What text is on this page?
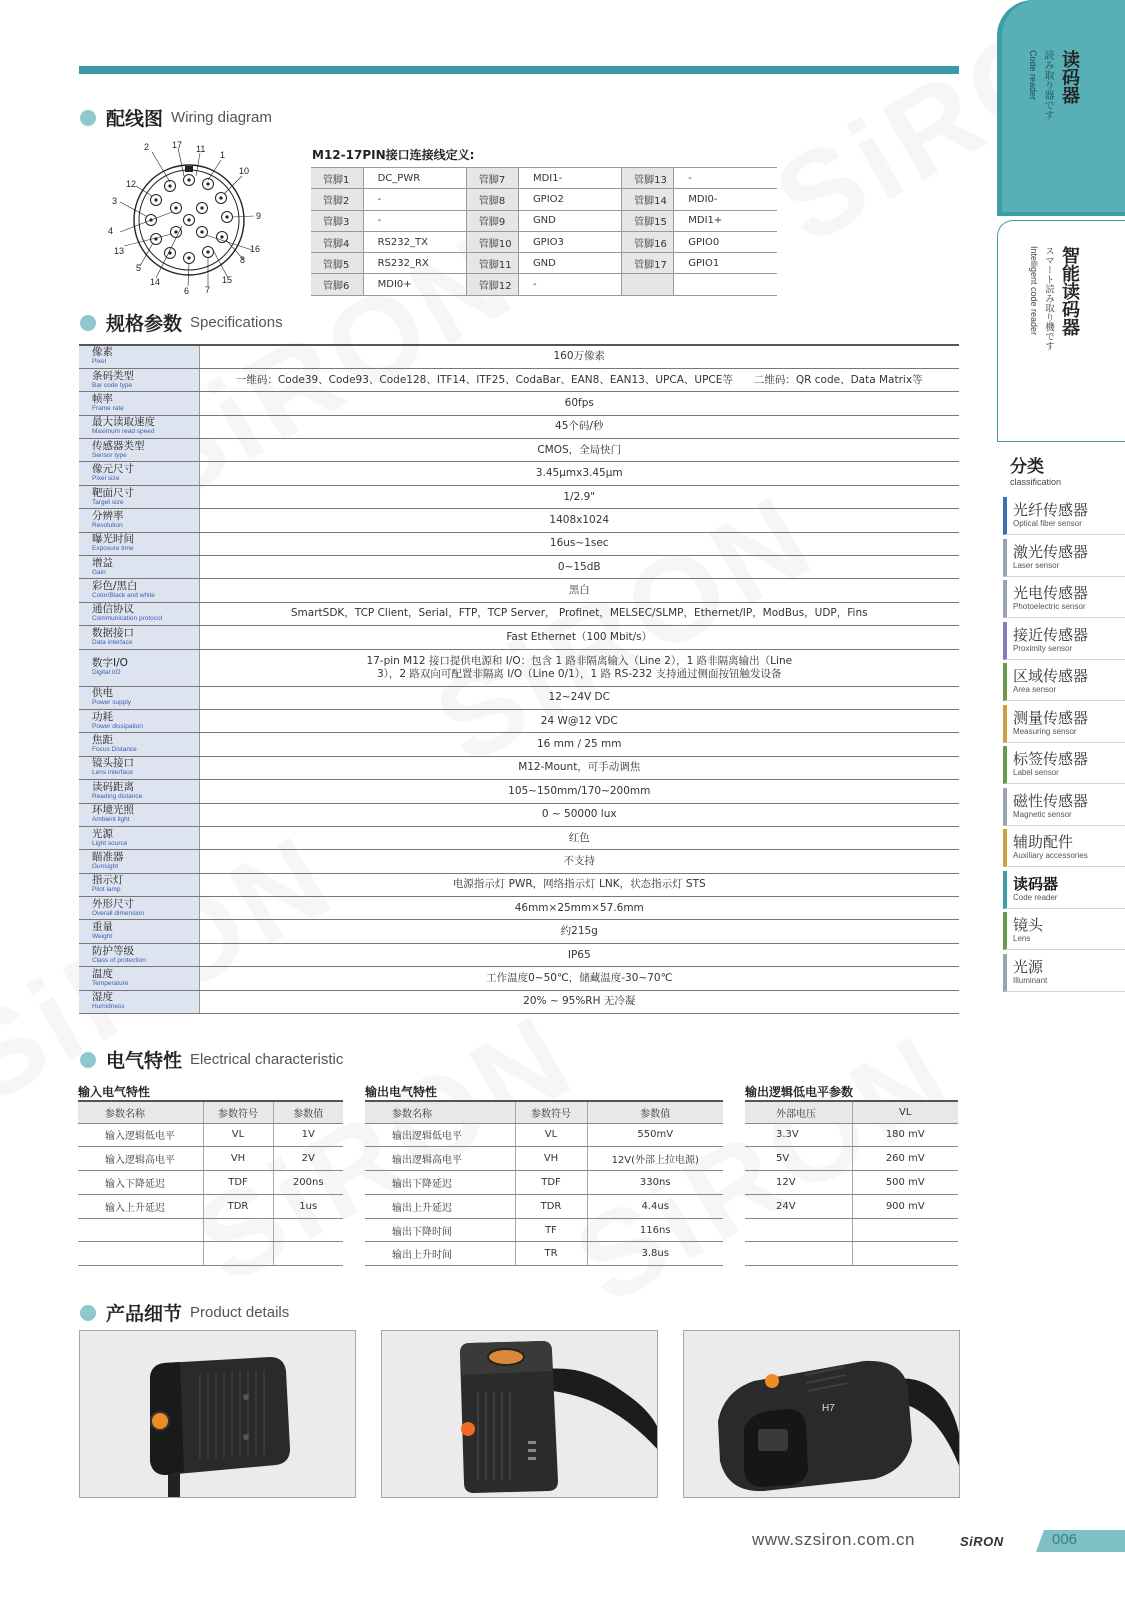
配线图 Wiring diagram
1
2
3
4
5
6 7
8
9
10
11
12
13
14	15
16
17
M12-17PIN接口连接线定义:
管脚1	DC_PWR	管脚7	MDI1-	管脚13	-
管脚2	-	管脚8	GPIO2	管脚14	MDI0-
管脚3	-	管脚9	GND	管脚15	MDI1+
管脚4	RS232_TX	管脚10	GPIO3	管脚16	GPIO0
管脚5	RS232_RX	管脚11	GND	管脚17	GPIO1
管脚6	MDI0+	管脚12	-		
规格参数 Specifications
像素
Pixel	160万像素

条码类型
Bar code type	一维码：Code39、Code93、Code128、ITF14、ITF25、CodaBar、EAN8、EAN13、UPCA、UPCE等　　二维码：QR code、Data Matrix等

帧率
Frame rate	60fps

最大读取速度
Maximum read speed	45个码/秒

传感器类型
Sensor type	CMOS，全局快门

像元尺寸
Pixel size	3.45μmx3.45μm

靶面尺寸
Target size	1/2.9"

分辨率
Resolution	1408x1024

曝光时间
Exposure time	16us~1sec

增益
Gain	0~15dB

彩色/黑白
Color/Black and white	黑白

通信协议
Communication protocol	SmartSDK，TCP Client，Serial，FTP，TCP Server， Profinet，MELSEC/SLMP，Ethernet/IP，ModBus，UDP，Fins

数据接口
Data interface	Fast Ethernet（100 Mbit/s）

数字I/O
Digital I/O	17-pin M12 接口提供电源和 I/O：包含 1 路非隔离输入（Line 2），1 路非隔离输出（Line 3），2 路双向可配置非隔离 I/O（Line 0/1），1 路 RS-232 支持通过侧面按钮触发设备

供电
Power supply	12~24V DC

功耗
Power dissipation	24 W@12 VDC

焦距
Focus Distance	16 mm / 25 mm

镜头接口
Lens interface	M12-Mount，可手动调焦

读码距离
Reading distance	105~150mm/170~200mm

环境光照
Ambient light	0 ~ 50000 lux

光源
Light source	红色

瞄准器
Gunsight	不支持

指示灯
Pilot lamp	电源指示灯 PWR，网络指示灯 LNK，状态指示灯 STS

外形尺寸
Overall dimension	46mm×25mm×57.6mm

重量
Weight	约215g

防护等级
Class of protection	IP65

温度
Temperature	工作温度0~50℃，储藏温度-30~70℃

湿度
Humidness	20% ~ 95%RH 无冷凝
电气特性 Electrical characteristic
输入电气特性
参数名称	参数符号	参数值
输入逻辑低电平	VL	1V
输入逻辑高电平	VH	2V
输入下降延迟	TDF	200ns
输入上升延迟	TDR	1us

输出电气特性
参数名称	参数符号	参数值
输出逻辑低电平	VL	550mV
输出逻辑高电平	VH	12V(外部上拉电源)
输出下降延迟	TDF	330ns
输出上升延迟	TDR	4.4us
输出下降时间	TF	116ns
输出上升时间	TR	3.8us
输出逻辑低电平参数
外部电压	VL
3.3V	180 mV
5V	260 mV
12V	500 mV
24V	900 mV

产品细节 Product details
H7
www.szsiron.com.cn	SiRON	006
读码器
読み取り器です
Code reader
智能读码器
スマート読み取り機です
Intelligent code reader
分类
classification
光纤传感器
Optical fiber sensor
激光传感器
Laser sensor
光电传感器
Photoelectric sensor
接近传感器
Proximity sensor
区域传感器
Area sensor
测量传感器
Measuring sensor
标签传感器
Label sensor
磁性传感器
Magnetic sensor
辅助配件
Auxiliary accessories
读码器
Code reader
镜头
Lens
光源
Illuminant
